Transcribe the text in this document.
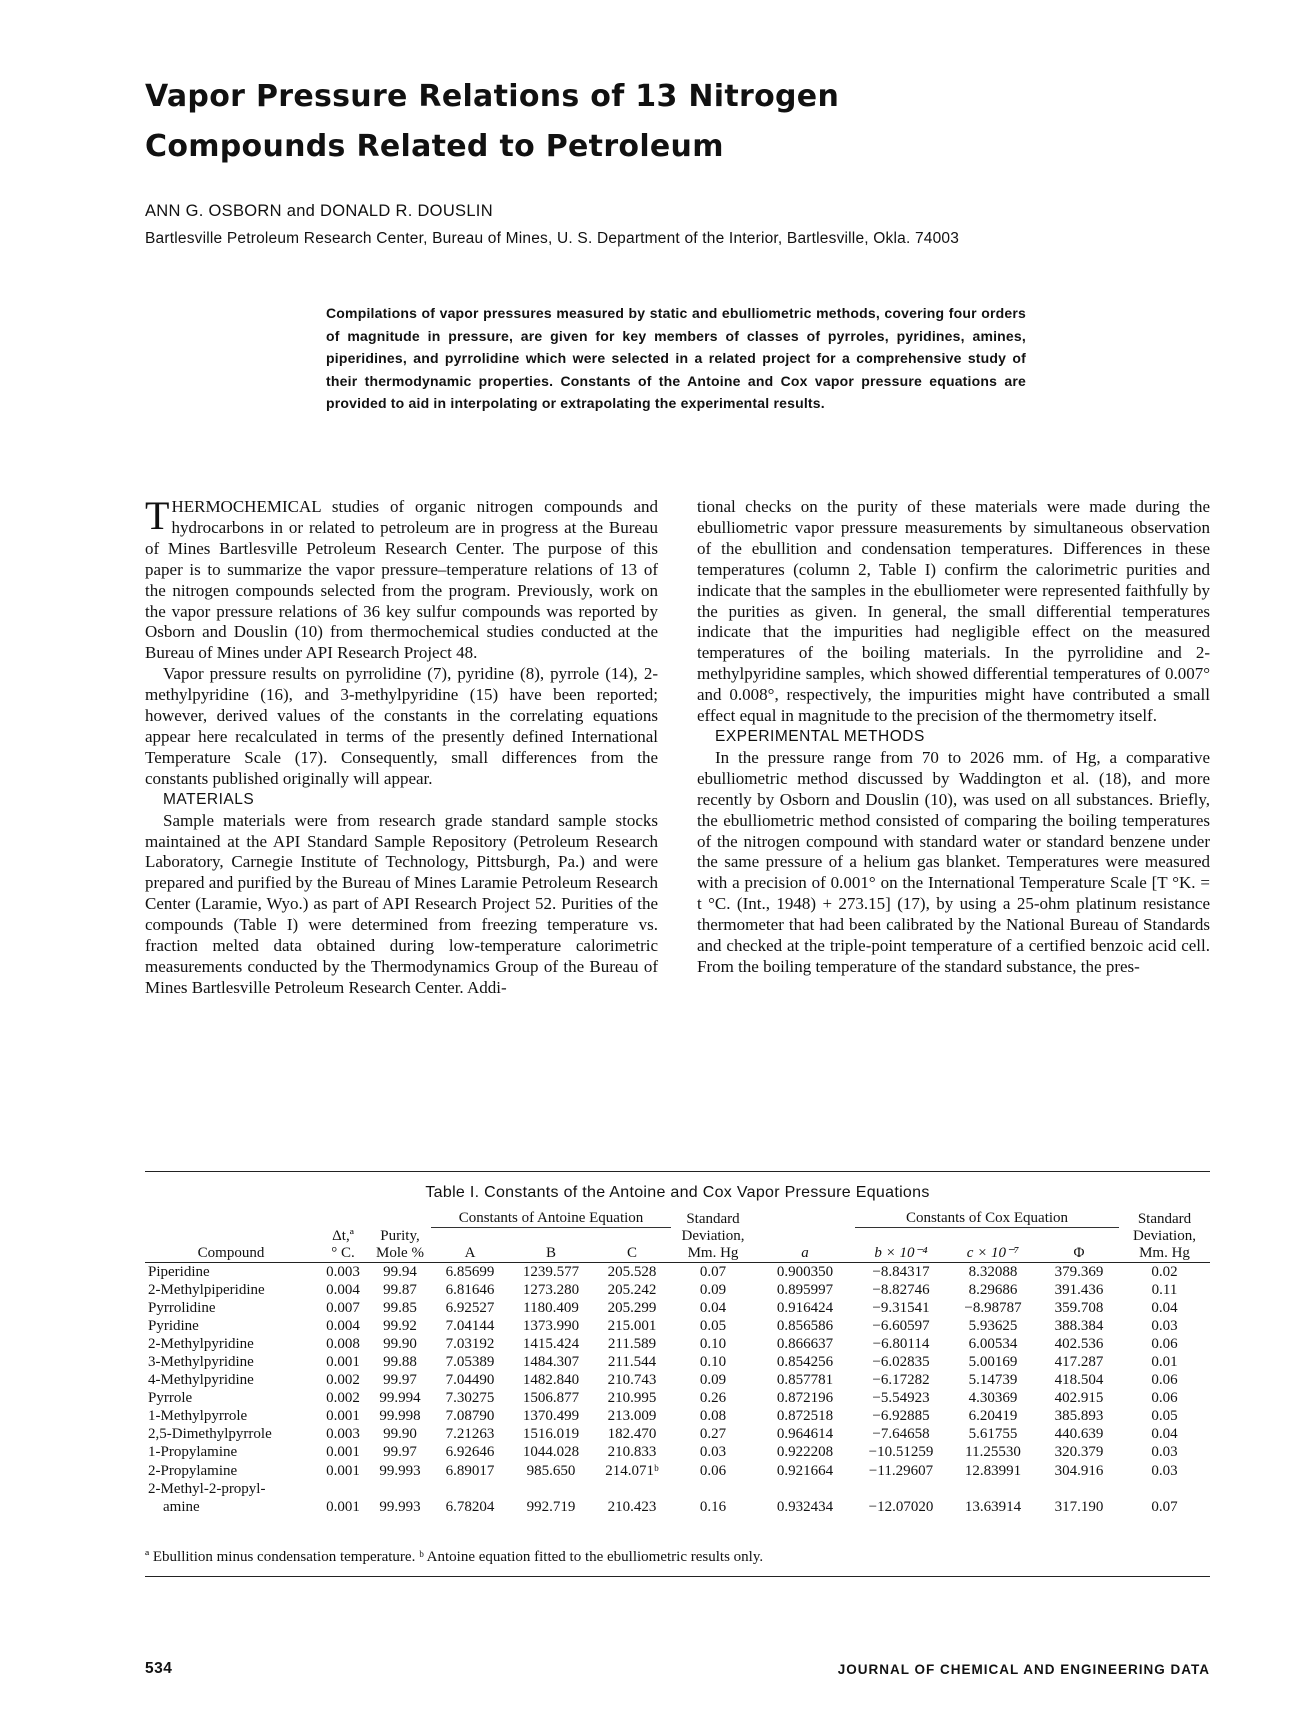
Vapor Pressure Relations of 13 Nitrogen
Compounds Related to Petroleum
ANN G. OSBORN and DONALD R. DOUSLIN
Bartlesville Petroleum Research Center, Bureau of Mines, U. S. Department of the Interior, Bartlesville, Okla. 74003
Compilations of vapor pressures measured by static and ebulliometric methods, covering four orders of magnitude in pressure, are given for key members of classes of pyrroles, pyridines, amines, piperidines, and pyrrolidine which were selected in a related project for a comprehensive study of their thermodynamic properties. Constants of the Antoine and Cox vapor pressure equations are provided to aid in interpolating or extrapolating the experimental results.

THERMOCHEMICAL studies of organic nitrogen compounds and hydrocarbons in or related to petroleum are in progress at the Bureau of Mines Bartlesville Petroleum Research Center. The purpose of this paper is to summarize the vapor pressure–temperature relations of 13 of the nitrogen compounds selected from the program. Previously, work on the vapor pressure relations of 36 key sulfur compounds was reported by Osborn and Douslin (10) from thermochemical studies conducted at the Bureau of Mines under API Research Project 48.

Vapor pressure results on pyrrolidine (7), pyridine (8), pyrrole (14), 2-methylpyridine (16), and 3-methylpyridine (15) have been reported; however, derived values of the constants in the correlating equations appear here recalculated in terms of the presently defined International Temperature Scale (17). Consequently, small differences from the constants published originally will appear.

MATERIALS

Sample materials were from research grade standard sample stocks maintained at the API Standard Sample Repository (Petroleum Research Laboratory, Carnegie Institute of Technology, Pittsburgh, Pa.) and were prepared and purified by the Bureau of Mines Laramie Petroleum Research Center (Laramie, Wyo.) as part of API Research Project 52. Purities of the compounds (Table I) were determined from freezing temperature vs. fraction melted data obtained during low-temperature calorimetric measurements conducted by the Thermodynamics Group of the Bureau of Mines Bartlesville Petroleum Research Center. Addi-

tional checks on the purity of these materials were made during the ebulliometric vapor pressure measurements by simultaneous observation of the ebullition and condensation temperatures. Differences in these temperatures (column 2, Table I) confirm the calorimetric purities and indicate that the samples in the ebulliometer were represented faithfully by the purities as given. In general, the small differential temperatures indicate that the impurities had negligible effect on the measured temperatures of the boiling materials. In the pyrrolidine and 2-methylpyridine samples, which showed differential temperatures of 0.007° and 0.008°, respectively, the impurities might have contributed a small effect equal in magnitude to the precision of the thermometry itself.

EXPERIMENTAL METHODS

In the pressure range from 70 to 2026 mm. of Hg, a comparative ebulliometric method discussed by Waddington et al. (18), and more recently by Osborn and Douslin (10), was used on all substances. Briefly, the ebulliometric method consisted of comparing the boiling temperatures of the nitrogen compound with standard water or standard benzene under the same pressure of a helium gas blanket. Temperatures were measured with a precision of 0.001° on the International Temperature Scale [T °K. = t °C. (Int., 1948) + 273.15] (17), by using a 25-ohm platinum resistance thermometer that had been calibrated by the National Bureau of Standards and checked at the triple-point temperature of a certified benzoic acid cell. From the boiling temperature of the standard substance, the pres-

Table I. Constants of the Antoine and Cox Vapor Pressure Equations
			Constants of Antoine Equation			Standard		Constants of Cox Equation			Standard
	Δt,ª	Purity,				Deviation,					Deviation,
Compound	° C.	Mole %	A	B	C	Mm. Hg	a	b × 10⁻⁴	c × 10⁻⁷	Φ	Mm. Hg
Piperidine	0.003	99.94	6.85699	1239.577	205.528	0.07	0.900350	−8.84317	8.32088	379.369	0.02
2-Methylpiperidine	0.004	99.87	6.81646	1273.280	205.242	0.09	0.895997	−8.82746	8.29686	391.436	0.11
Pyrrolidine	0.007	99.85	6.92527	1180.409	205.299	0.04	0.916424	−9.31541	−8.98787	359.708	0.04
Pyridine	0.004	99.92	7.04144	1373.990	215.001	0.05	0.856586	−6.60597	5.93625	388.384	0.03
2-Methylpyridine	0.008	99.90	7.03192	1415.424	211.589	0.10	0.866637	−6.80114	6.00534	402.536	0.06
3-Methylpyridine	0.001	99.88	7.05389	1484.307	211.544	0.10	0.854256	−6.02835	5.00169	417.287	0.01
4-Methylpyridine	0.002	99.97	7.04490	1482.840	210.743	0.09	0.857781	−6.17282	5.14739	418.504	0.06
Pyrrole	0.002	99.994	7.30275	1506.877	210.995	0.26	0.872196	−5.54923	4.30369	402.915	0.06
1-Methylpyrrole	0.001	99.998	7.08790	1370.499	213.009	0.08	0.872518	−6.92885	6.20419	385.893	0.05
2,5-Dimethylpyrrole	0.003	99.90	7.21263	1516.019	182.470	0.27	0.964614	−7.64658	5.61755	440.639	0.04
1-Propylamine	0.001	99.97	6.92646	1044.028	210.833	0.03	0.922208	−10.51259	11.25530	320.379	0.03
2-Propylamine	0.001	99.993	6.89017	985.650	214.071ᵇ	0.06	0.921664	−11.29607	12.83991	304.916	0.03
2-Methyl-2-propyl-											
amine	0.001	99.993	6.78204	992.719	210.423	0.16	0.932434	−12.07020	13.63914	317.190	0.07
ª Ebullition minus condensation temperature. ᵇ Antoine equation fitted to the ebulliometric results only.
534	JOURNAL OF CHEMICAL AND ENGINEERING DATA
